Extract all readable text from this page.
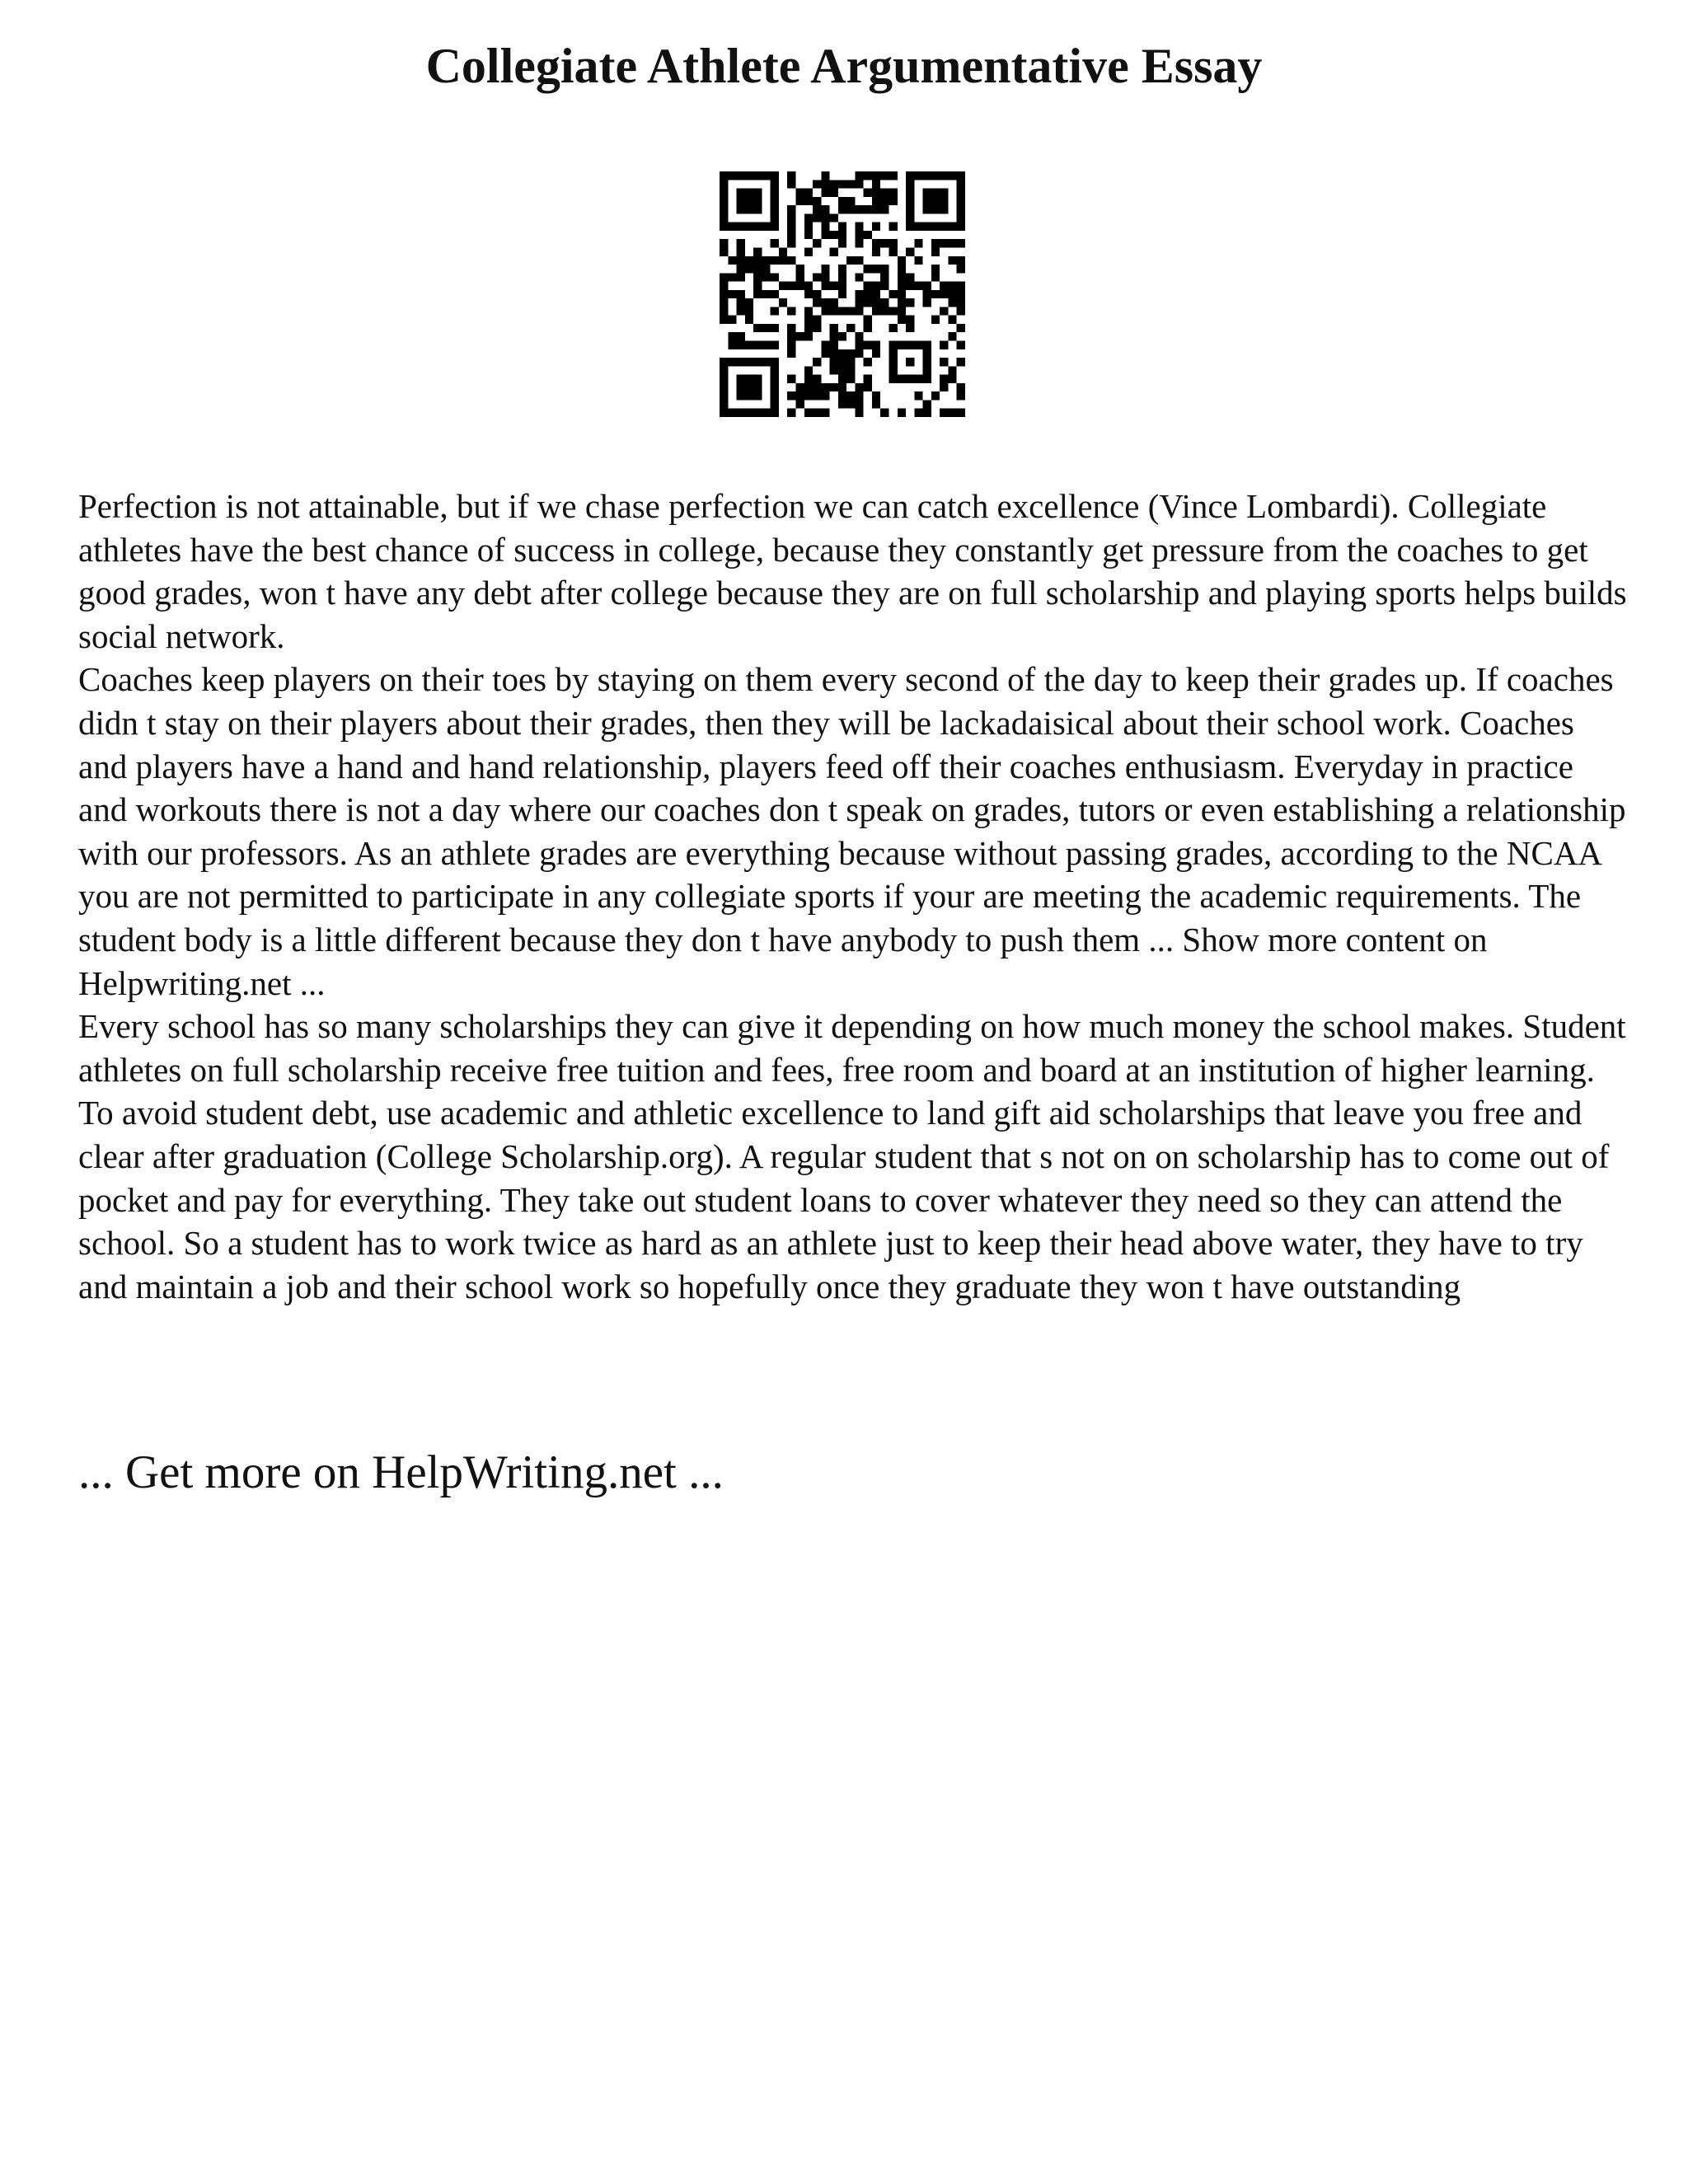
Collegiate Athlete Argumentative Essay

Perfection is not attainable, but if we chase perfection we can catch excellence (Vince Lombardi). Collegiate athletes have the best chance of success in college, because they constantly get pressure from the coaches to get good grades, won t have any debt after college because they are on full scholarship and playing sports helps builds social network.

Coaches keep players on their toes by staying on them every second of the day to keep their grades up. If coaches didn t stay on their players about their grades, then they will be lackadaisical about their school work. Coaches and players have a hand and hand relationship, players feed off their coaches enthusiasm. Everyday in practice and workouts there is not a day where our coaches don t speak on grades, tutors or even establishing a relationship with our professors. As an athlete grades are everything because without passing grades, according to the NCAA you are not permitted to participate in any collegiate sports if your are meeting the academic requirements. The student body is a little different because they don t have anybody to push them ... Show more content on Helpwriting.net ...

Every school has so many scholarships they can give it depending on how much money the school makes. Student athletes on full scholarship receive free tuition and fees, free room and board at an institution of higher learning. To avoid student debt, use academic and athletic excellence to land gift aid scholarships that leave you free and clear after graduation (College Scholarship.org). A regular student that s not on on scholarship has to come out of pocket and pay for everything. They take out student loans to cover whatever they need so they can attend the school. So a student has to work twice as hard as an athlete just to keep their head above water, they have to try and maintain a job and their school work so hopefully once they graduate they won t have outstanding

... Get more on HelpWriting.net ...
